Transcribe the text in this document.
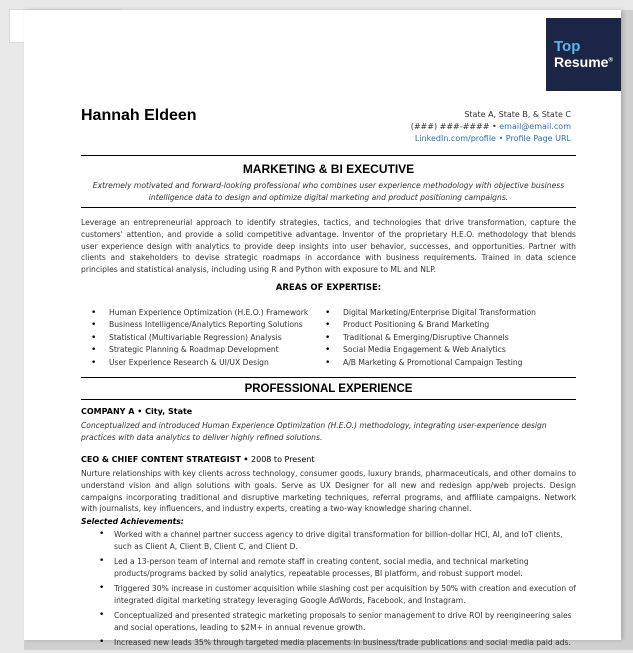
Top
Resume®
Hannah Eldeen	State A, State B, & State C
(###) ###-#### • email@email.com
LinkedIn.com/profile • Profile Page URL
MARKETING & BI EXECUTIVE
Extremely motivated and forward-looking professional who combines user experience methodology with objective business intelligence data to design and optimize digital marketing and product positioning campaigns.
Leverage an entrepreneurial approach to identify strategies, tactics, and technologies that drive transformation, capture the customers' attention, and provide a solid competitive advantage. Inventor of the proprietary H.E.O. methodology that blends user experience design with analytics to provide deep insights into user behavior, successes, and opportunities. Partner with clients and stakeholders to devise strategic roadmaps in accordance with business requirements. Trained in data science principles and statistical analysis, including using R and Python with exposure to ML and NLP.
AREAS OF EXPERTISE:
• Human Experience Optimization (H.E.O.) Framework
• Business Intelligence/Analytics Reporting Solutions
• Statistical (Multivariable Regression) Analysis
• Strategic Planning & Roadmap Development
• User Experience Research & UI/UX Design
• Digital Marketing/Enterprise Digital Transformation
• Product Positioning & Brand Marketing
• Traditional & Emerging/Disruptive Channels
• Social Media Engagement & Web Analytics
• A/B Marketing & Promotional Campaign Testing
PROFESSIONAL EXPERIENCE
COMPANY A • City, State
Conceptualized and introduced Human Experience Optimization (H.E.O.) methodology, integrating user-experience design practices with data analytics to deliver highly refined solutions.
CEO & CHIEF CONTENT STRATEGIST • 2008 to Present
Nurture relationships with key clients across technology, consumer goods, luxury brands, pharmaceuticals, and other domains to understand vision and align solutions with goals. Serve as UX Designer for all new and redesign app/web projects. Design campaigns incorporating traditional and disruptive marketing techniques, referral programs, and affiliate campaigns. Network with journalists, key influencers, and industry experts, creating a two-way knowledge sharing channel.
Selected Achievements:
• Worked with a channel partner success agency to drive digital transformation for billion-dollar HCI, AI, and IoT clients, such as Client A, Client B, Client C, and Client D.
• Led a 13-person team of internal and remote staff in creating content, social media, and technical marketing products/programs backed by solid analytics, repeatable processes, BI platform, and robust support model.
• Triggered 30% increase in customer acquisition while slashing cost per acquisition by 50% with creation and execution of integrated digital marketing strategy leveraging Google AdWords, Facebook, and Instagram.
• Conceptualized and presented strategic marketing proposals to senior management to drive ROI by reengineering sales and social operations, leading to $2M+ in annual revenue growth.
• Increased new leads 35% through targeted media placements in business/trade publications and social media paid ads.
